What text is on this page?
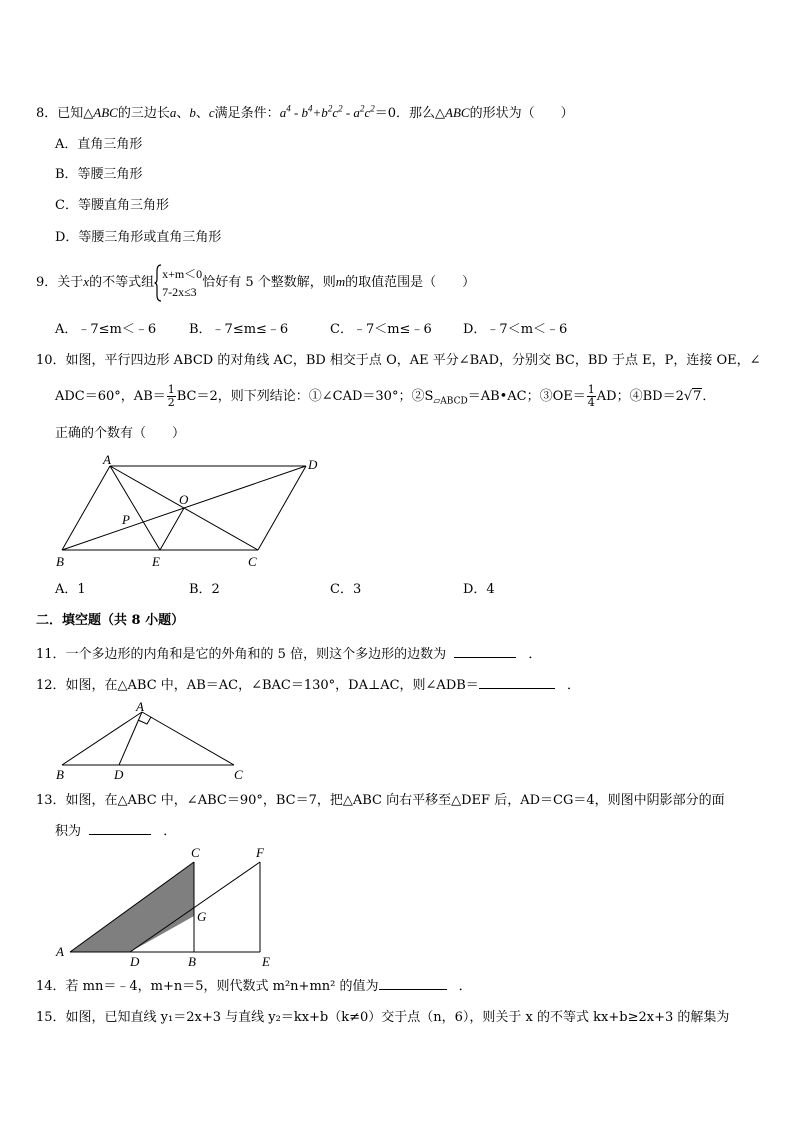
8．已知△ABC的三边长a、b、c满足条件：$a^4 - b^4+b^2c^2 - a^2c^2=0$．那么△ABC的形状为（　　）
A．直角三角形
B．等腰三角形
C．等腰直角三角形
D．等腰三角形或直角三角形
9．关于x的不等式组
x+m＜0
7-2x≤3
恰好有 5 个整数解，则m的取值范围是（　　）
A．﹣7≤m＜﹣6	B．﹣7≤m≤﹣6	C．﹣7＜m≤﹣6 D．﹣7＜m＜﹣6
10．如图，平行四边形 ABCD 的对角线 AC，BD 相交于点 O，AE 平分∠BAD，分别交 BC，BD 于点 E，P，连接 OE，∠
ADC＝60°，$AB= \frac{1}{2} BC=2$，则下列结论：①∠CAD＝30°；$②S_{▱ABCD}=AB•AC$；③OE＝ $\frac{1}{4}$ AD；④BD＝2√7．
正确的个数有（　　）
A	D
O
P
B	E	C
A．1	B．2	C．3	D．4
二．填空题（共 8 小题）
11．一个多边形的内角和是它的外角和的 5 倍，则这个多边形的边数为	．
12．如图，在△ABC 中，AB＝AC，∠BAC＝130°，DA⊥AC，则∠ADB＝	．
A
B	D	C
13．如图，在△ABC 中，∠ABC＝90°，BC＝7，把△ABC 向右平移至△DEF 后，AD＝CG＝4，则图中阴影部分的面
积为	．
C	F
G
A
D	B	E
14．若 mn＝﹣4，m+n＝5，则代数式 m²n+mn² 的值为	．
15．如图，已知直线 y₁＝2x+3 与直线 y₂＝kx+b（k≠0）交于点（n，6），则关于 x 的不等式 kx+b≥2x+3 的解集为
